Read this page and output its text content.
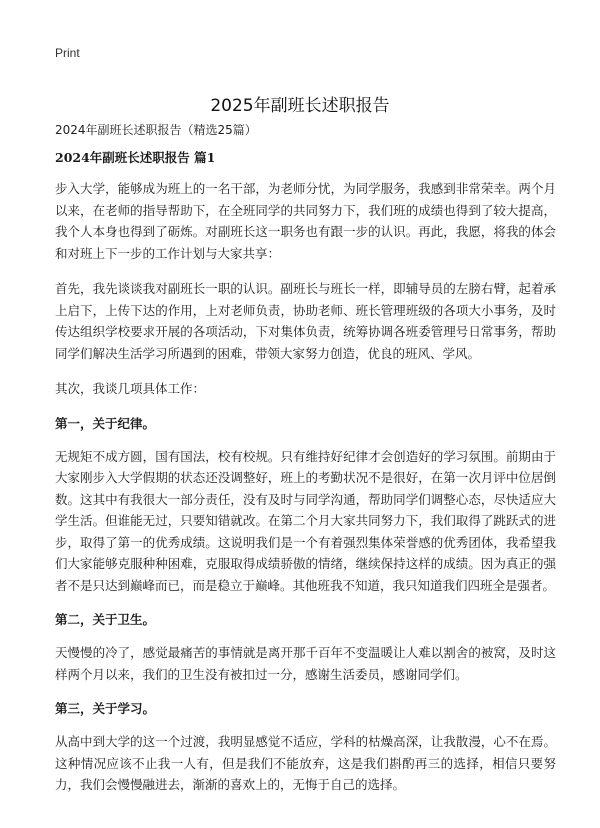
Print
2025年副班长述职报告
2024年副班长述职报告（精选25篇）
2024年副班长述职报告 篇1

步入大学，能够成为班上的一名干部，为老师分忧，为同学服务，我感到非常荣幸。两个月以来，在老师的指导帮助下，在全班同学的共同努力下，我们班的成绩也得到了较大提高，我个人本身也得到了砺炼。对副班长这一职务也有跟一步的认识。再此，我愿，将我的体会和对班上下一步的工作计划与大家共享：

首先，我先谈谈我对副班长一职的认识。副班长与班长一样，即辅导员的左膀右臂，起着承上启下，上传下达的作用，上对老师负责，协助老师、班长管理班级的各项大小事务，及时传达组织学校要求开展的各项活动，下对集体负责，统筹协调各班委管理号日常事务，帮助同学们解决生活学习所遇到的困难，带领大家努力创造，优良的班风、学风。

其次，我谈几项具体工作：

第一，关于纪律。

无规矩不成方圆，国有国法，校有校规。只有维持好纪律才会创造好的学习氛围。前期由于大家刚步入大学假期的状态还没调整好，班上的考勤状况不是很好，在第一次月评中位居倒数。这其中有我很大一部分责任，没有及时与同学沟通，帮助同学们调整心态，尽快适应大学生活。但谁能无过，只要知错就改。在第二个月大家共同努力下，我们取得了跳跃式的进步，取得了第一的优秀成绩。这说明我们是一个有着强烈集体荣誉感的优秀团体，我希望我们大家能够克服种种困难，克服取得成绩骄傲的情绪，继续保持这样的成绩。因为真正的强者不是只达到巅峰而已，而是稳立于巅峰。其他班我不知道，我只知道我们四班全是强者。

第二，关于卫生。

天慢慢的冷了，感觉最痛苦的事情就是离开那千百年不变温暖让人难以割舍的被窝，及时这样两个月以来，我们的卫生没有被扣过一分，感谢生活委员，感谢同学们。

第三，关于学习。

从高中到大学的这一个过渡，我明显感觉不适应，学科的枯燥高深，让我散漫，心不在焉。这种情况应该不止我一人有，但是我们不能放弃，这是我们斟酌再三的选择，相信只要努力，我们会慢慢融进去，渐渐的喜欢上的，无悔于自己的选择。
